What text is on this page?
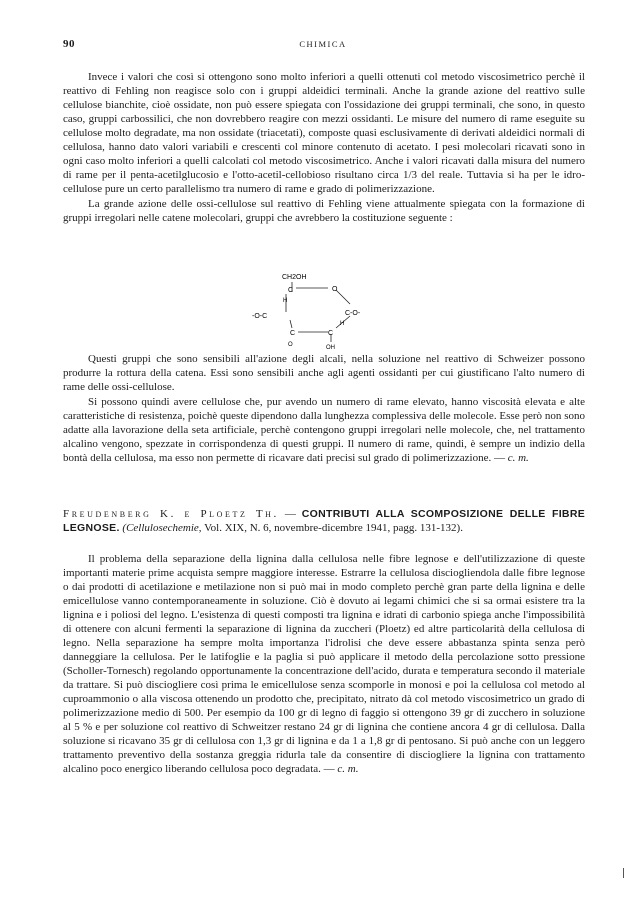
90	CHIMICA

Invece i valori che così si ottengono sono molto inferiori a quelli ottenuti col metodo viscosimetrico perchè il reattivo di Fehling non reagisce solo con i gruppi aldeidici terminali. Anche la grande azione del reattivo sulle cellulose bianchite, cioè ossidate, non può essere spiegata con l'ossidazione dei gruppi terminali, che sono, in questo caso, gruppi carbossilici, che non dovrebbero reagire con mezzi ossidanti. Le misure del numero di rame eseguite su cellulose molto degradate, ma non ossidate (triacetati), composte quasi esclusivamente di derivati aldeidici normali di cellulosa, hanno dato valori variabili e crescenti col minore contenuto di acetato. I pesi molecolari ricavati sono in ogni caso molto inferiori a quelli calcolati col metodo viscosimetrico. Anche i valori ricavati dalla misura del numero di rame per il penta-acetilglucosio e l'otto-acetil-cellobioso risultano circa 1/3 del reale. Tuttavia si ha per le idro-cellulose pure un certo parallelismo tra numero di rame e grado di polimerizzazione.

La grande azione delle ossi-cellulose sul reattivo di Fehling viene attualmente spiegata con la formazione di gruppi irregolari nelle catene molecolari, gruppi che avrebbero la costituzione seguente :

CH2OH
C	O
H
-O-C	C-O-
H
C	C
O	OH

Questi gruppi che sono sensibili all'azione degli alcali, nella soluzione nel reattivo di Schweizer possono produrre la rottura della catena. Essi sono sensibili anche agli agenti ossidanti per cui giustificano l'alto numero di rame delle ossi-cellulose.

Si possono quindi avere cellulose che, pur avendo un numero di rame elevato, hanno viscosità elevata e alte caratteristiche di resistenza, poichè queste dipendono dalla lunghezza complessiva delle molecole. Esse però non sono adatte alla lavorazione della seta artificiale, perchè contengono gruppi irregolari nelle molecole, che, nel trattamento alcalino vengono, spezzate in corrispondenza di questi gruppi. Il numero di rame, quindi, è sempre un indizio della bontà della cellulosa, ma esso non permette di ricavare dati precisi sul grado di polimerizzazione. — c. m.

Freudenberg K. e Ploetz Th. — CONTRIBUTI ALLA SCOMPOSIZIONE DELLE FIBRE LEGNOSE. (Cellulosechemie, Vol. XIX, N. 6, novembre-dicembre 1941, pagg. 131-132).

Il problema della separazione della lignina dalla cellulosa nelle fibre legnose e dell'utilizzazione di queste importanti materie prime acquista sempre maggiore interesse. Estrarre la cellulosa disciogliendola dalle fibre legnose o dai prodotti di acetilazione e metilazione non si può mai in modo completo perchè gran parte della lignina e delle emicellulose vanno contemporaneamente in soluzione. Ciò è dovuto ai legami chimici che si sa ormai esistere tra la lignina e i poliosi del legno. L'esistenza di questi composti tra lignina e idrati di carbonio spiega anche l'impossibilità di ottenere con alcuni fermenti la separazione di lignina da zuccheri (Ploetz) ed altre particolarità della cellulosa di legno. Nella separazione ha sempre molta importanza l'idrolisi che deve essere abbastanza spinta senza però danneggiare la cellulosa. Per le latifoglie e la paglia si può applicare il metodo della percolazione sotto pressione (Scholler-Tornesch) regolando opportunamente la concentrazione dell'acido, durata e temperatura secondo il materiale da trattare. Si può disciogliere così prima le emicellulose senza scomporle in monosi e poi la cellulosa col metodo al cuproammonio o alla viscosa ottenendo un prodotto che, precipitato, nitrato dà col metodo viscosimetrico un grado di polimerizzazione medio di 500. Per esempio da 100 gr di legno di faggio si ottengono 39 gr di zucchero in soluzione al 5 % e per soluzione col reattivo di Schweitzer restano 24 gr di lignina che contiene ancora 4 gr di cellulosa. Dalla soluzione si ricavano 35 gr di cellulosa con 1,3 gr di lignina e da 1 a 1,8 gr di pentosano. Si può anche con un leggero trattamento preventivo della sostanza greggia ridurla tale da consentire di disciogliere la lignina con trattamento alcalino poco energico liberando cellulosa poco degradata. — c. m.
